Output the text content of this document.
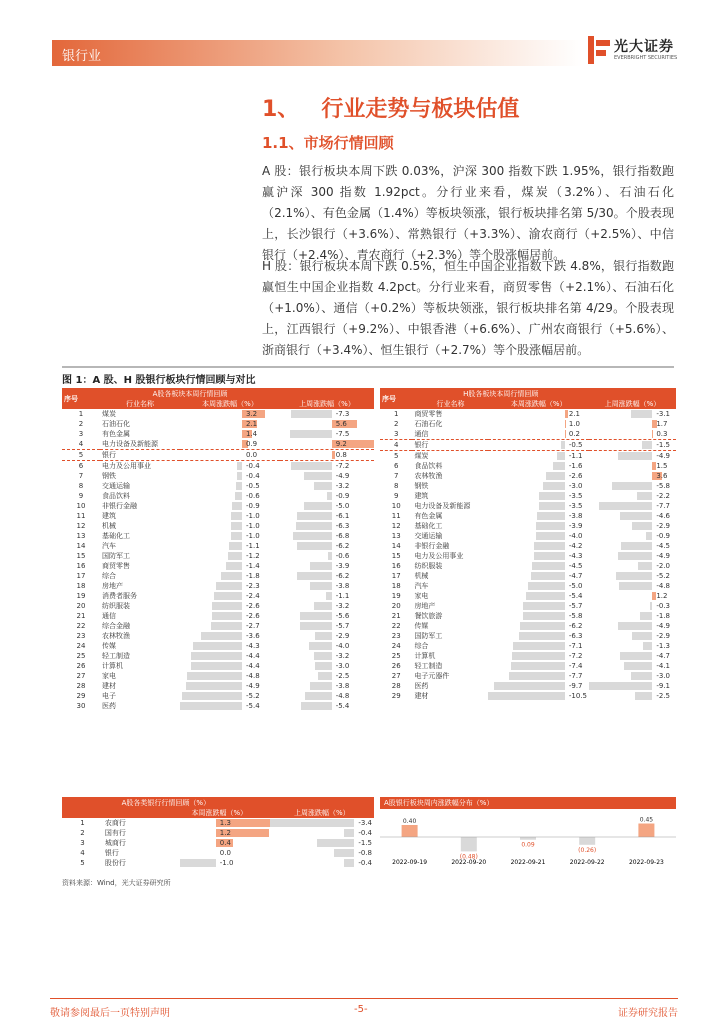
银行业
光大证券
EVERBRIGHT SECURITIES
1、 行业走势与板块估值
1.1、市场行情回顾

A 股：银行板块本周下跌 0.03%，沪深 300 指数下跌 1.95%，银行指数跑赢沪深 300 指数 1.92pct。分行业来看，煤炭（3.2%）、石油石化（2.1%）、有色金属（1.4%）等板块领涨，银行板块排名第 5/30。个股表现上，长沙银行（+3.6%）、常熟银行（+3.3%）、渝农商行（+2.5%）、中信银行（+2.4%）、青农商行（+2.3%）等个股涨幅居前。

H 股：银行板块本周下跌 0.5%，恒生中国企业指数下跌 4.8%，银行指数跑赢恒生中国企业指数 4.2pct。分行业来看，商贸零售（+2.1%）、石油石化（+1.0%）、通信（+0.2%）等板块领涨，银行板块排名第 4/29。个股表现上，江西银行（+9.2%）、中银香港（+6.6%）、广州农商银行（+5.6%）、浙商银行（+3.4%）、恒生银行（+2.7%）等个股涨幅居前。

图 1：A 股、H 股银行板块行情回顾与对比
序号	A股各板块本周行情回顾		
	行业名称	本周涨跌幅（%）	上周涨跌幅（%）
1	煤炭	3.2	-7.3
2	石油石化	2.1	5.6
3	有色金属	1.4	-7.5
4	电力设备及新能源	0.9	9.2
5	银行	0.0	0.8
6	电力及公用事业	-0.4	-7.2
7	钢铁	-0.4	-4.9
8	交通运输	-0.5	-3.2
9	食品饮料	-0.6	-0.9
10	非银行金融	-0.9	-5.0
11	建筑	-1.0	-6.1
12	机械	-1.0	-6.3
13	基础化工	-1.0	-6.8
14	汽车	-1.1	-6.2
15	国防军工	-1.2	-0.6
16	商贸零售	-1.4	-3.9
17	综合	-1.8	-6.2
18	房地产	-2.3	-3.8
19	消费者服务	-2.4	-1.1
20	纺织服装	-2.6	-3.2
21	通信	-2.6	-5.6
22	综合金融	-2.7	-5.7
23	农林牧渔	-3.6	-2.9
24	传媒	-4.3	-4.0
25	轻工制造	-4.4	-3.2
26	计算机	-4.4	-3.0
27	家电	-4.8	-2.5
28	建材	-4.9	-3.8
29	电子	-5.2	-4.8
30	医药	-5.4	-5.4
序号	H股各板块本周行情回顾		
	行业名称	本周涨跌幅（%）	上周涨跌幅（%）
1	商贸零售	2.1	-3.1
2	石油石化	1.0	1.7
3	通信	0.2	0.3
4	银行	-0.5	-1.5
5	煤炭	-1.1	-4.9
6	食品饮料	-1.6	1.5
7	农林牧渔	-2.6	3.6
8	钢铁	-3.0	-5.8
9	建筑	-3.5	-2.2
10	电力设备及新能源	-3.5	-7.7
11	有色金属	-3.8	-4.6
12	基础化工	-3.9	-2.9
13	交通运输	-4.0	-0.9
14	非银行金融	-4.2	-4.5
15	电力及公用事业	-4.3	-4.9
16	纺织服装	-4.5	-2.0
17	机械	-4.7	-5.2
18	汽车	-5.0	-4.8
19	家电	-5.4	1.2
20	房地产	-5.7	-0.3
21	餐饮旅游	-5.8	-1.8
22	传媒	-6.2	-4.9
23	国防军工	-6.3	-2.9
24	综合	-7.1	-1.3
25	计算机	-7.2	-4.7
26	轻工制造	-7.4	-4.1
27	电子元器件	-7.7	-3.0
28	医药	-9.7	-9.1
29	建材	-10.5	-2.5
A股各类银行行情回顾（%）			
		本周涨跌幅（%）	上周涨跌幅（%）
1	农商行	1.3	-3.4
2	国有行	1.2	-0.4
3	城商行	0.4	-1.5
4	银行	0.0	-0.8
5	股份行	-1.0	-0.4
A股银行板块周内涨跌幅分布（%）
0.40
2022-09-19
(0.48)
2022-09-20
0.09
2022-09-21
(0.26)
2022-09-22
0.45
2022-09-23
资料来源：Wind，光大证券研究所
敬请参阅最后一页特别声明	-5-	证券研究报告
